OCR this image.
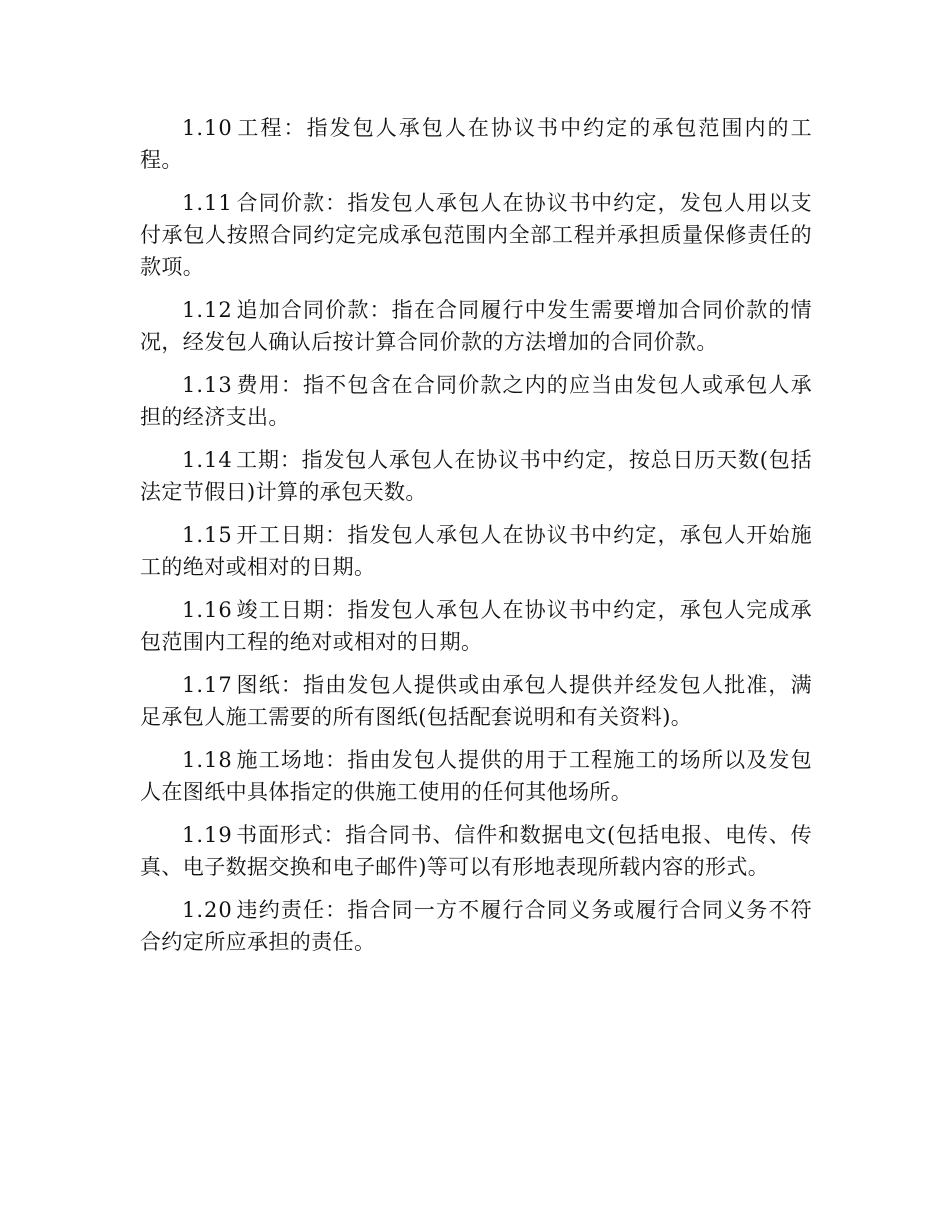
1.10 工程：指发包人承包人在协议书中约定的承包范围内的工程。

1.11 合同价款：指发包人承包人在协议书中约定，发包人用以支付承包人按照合同约定完成承包范围内全部工程并承担质量保修责任的款项。

1.12 追加合同价款：指在合同履行中发生需要增加合同价款的情况，经发包人确认后按计算合同价款的方法增加的合同价款。

1.13 费用：指不包含在合同价款之内的应当由发包人或承包人承担的经济支出。

1.14 工期：指发包人承包人在协议书中约定，按总日历天数(包括法定节假日)计算的承包天数。

1.15 开工日期：指发包人承包人在协议书中约定，承包人开始施工的绝对或相对的日期。

1.16 竣工日期：指发包人承包人在协议书中约定，承包人完成承包范围内工程的绝对或相对的日期。

1.17 图纸：指由发包人提供或由承包人提供并经发包人批准，满足承包人施工需要的所有图纸(包括配套说明和有关资料)。

1.18 施工场地：指由发包人提供的用于工程施工的场所以及发包人在图纸中具体指定的供施工使用的任何其他场所。

1.19 书面形式：指合同书、信件和数据电文(包括电报、电传、传真、电子数据交换和电子邮件)等可以有形地表现所载内容的形式。

1.20 违约责任：指合同一方不履行合同义务或履行合同义务不符合约定所应承担的责任。
